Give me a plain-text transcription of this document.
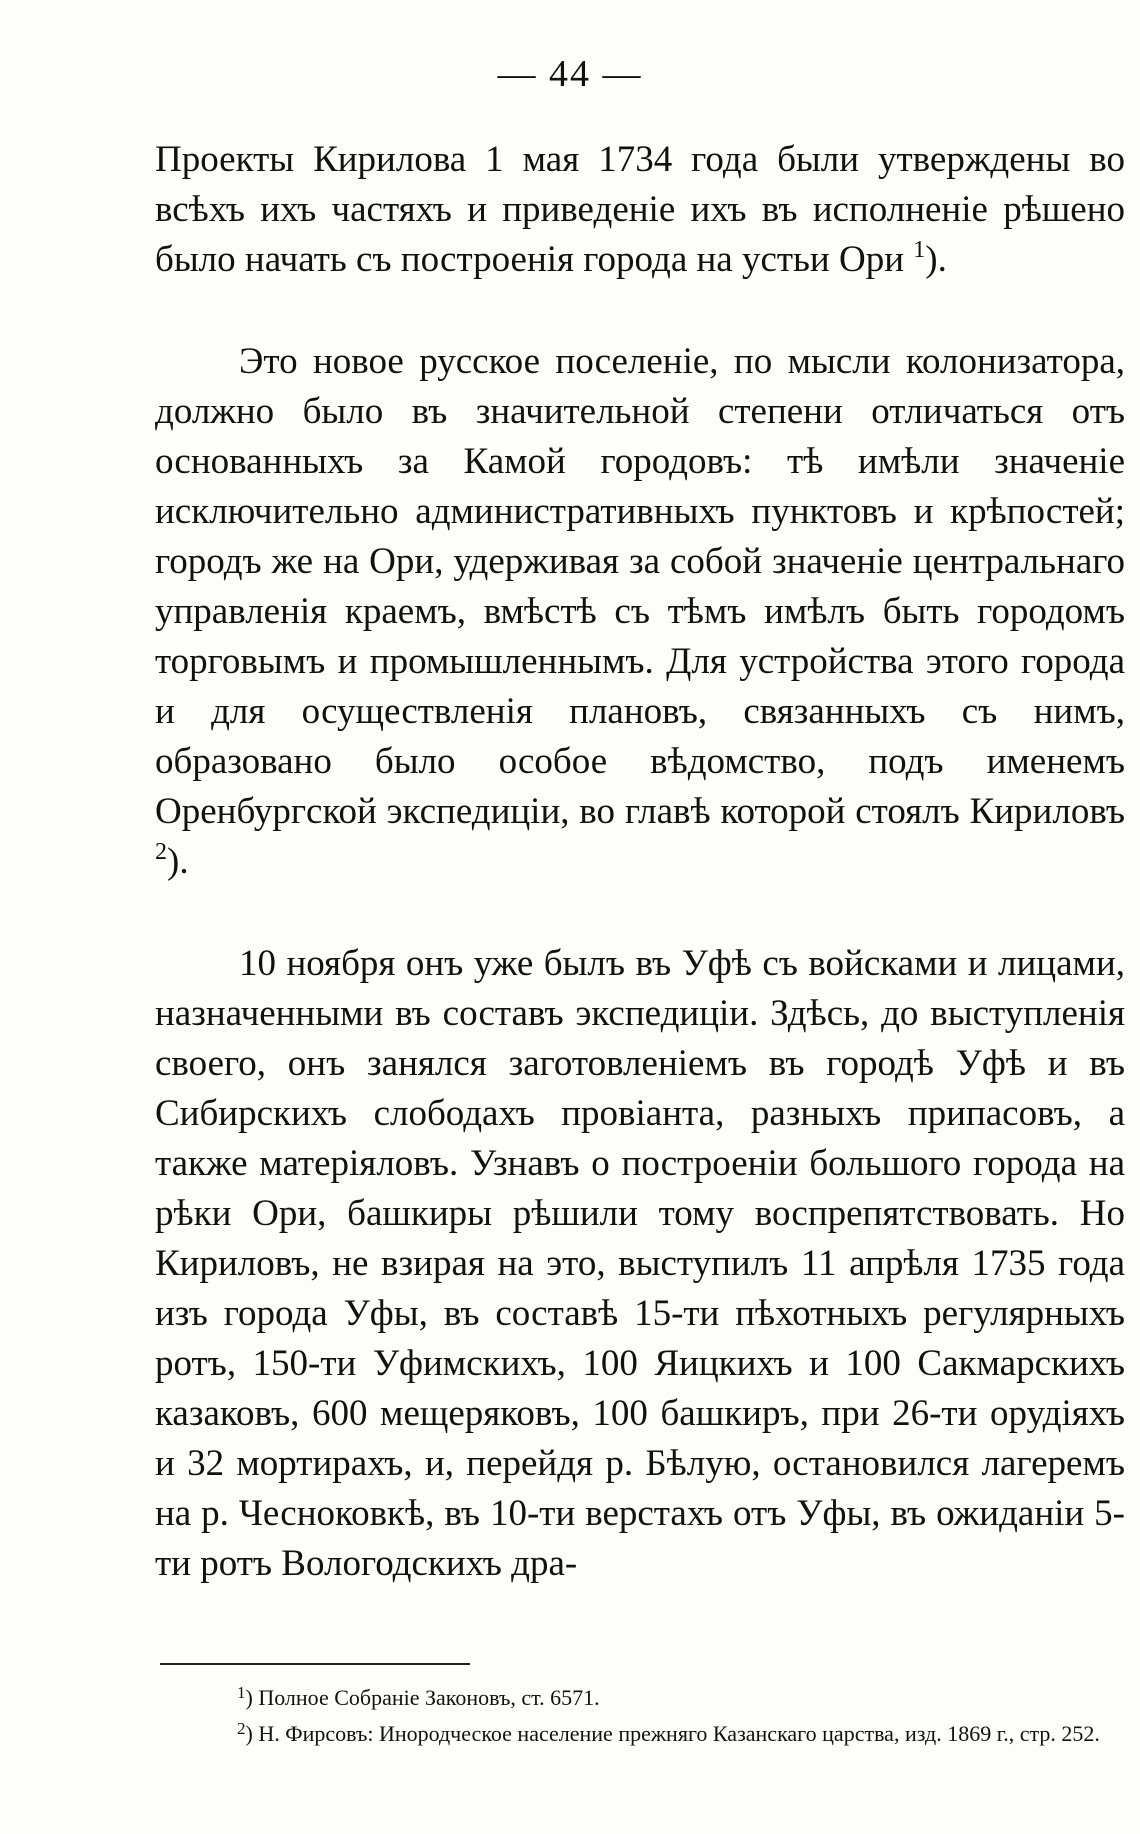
— 44 —

Проекты Кирилова 1 мая 1734 года были утверждены во всѣхъ ихъ частяхъ и приведеніе ихъ въ исполненіе рѣшено было начать съ построенія города на устьи Ори $^1$).

Это новое русское поселеніе, по мысли колонизатора, должно было въ значительной степени отличаться отъ основанныхъ за Камой городовъ: тѣ имѣли значеніе исключительно административныхъ пунктовъ и крѣпостей; городъ же на Ори, удерживая за собой значеніе центральнаго управленія краемъ, вмѣстѣ съ тѣмъ имѣлъ быть городомъ торговымъ и промышленнымъ. Для устройства этого города и для осуществленія плановъ, связанныхъ съ нимъ, образовано было особое вѣдомство, подъ именемъ Оренбургской экспедиціи, во главѣ которой стоялъ Кириловъ $^2$).

10 ноября онъ уже былъ въ Уфѣ съ войсками и лицами, назначенными въ составъ экспедиціи. Здѣсь, до выступленія своего, онъ занялся заготовленіемъ въ городѣ Уфѣ и въ Сибирскихъ слободахъ провіанта, разныхъ припасовъ, а также матеріяловъ. Узнавъ о построеніи большого города на рѣки Ори, башкиры рѣшили тому воспрепятствовать. Но Кириловъ, не взирая на это, выступилъ 11 апрѣля 1735 года изъ города Уфы, въ составѣ 15-ти пѣхотныхъ регулярныхъ ротъ, 150-ти Уфимскихъ, 100 Яицкихъ и 100 Сакмарскихъ казаковъ, 600 мещеряковъ, 100 башкиръ, при 26-ти орудіяхъ и 32 мортирахъ, и, перейдя р. Бѣлую, остановился лагеремъ на р. Чесноковкѣ, въ 10-ти верстахъ отъ Уфы, въ ожиданіи 5-ти ротъ Вологодскихъ дра-

$^1$) Полное Собраніе Законовъ, ст. 6571.

$^2$) Н. Фирсовъ: Инородческое население прежняго Казанскаго царства, изд. 1869 г., стр. 252.
